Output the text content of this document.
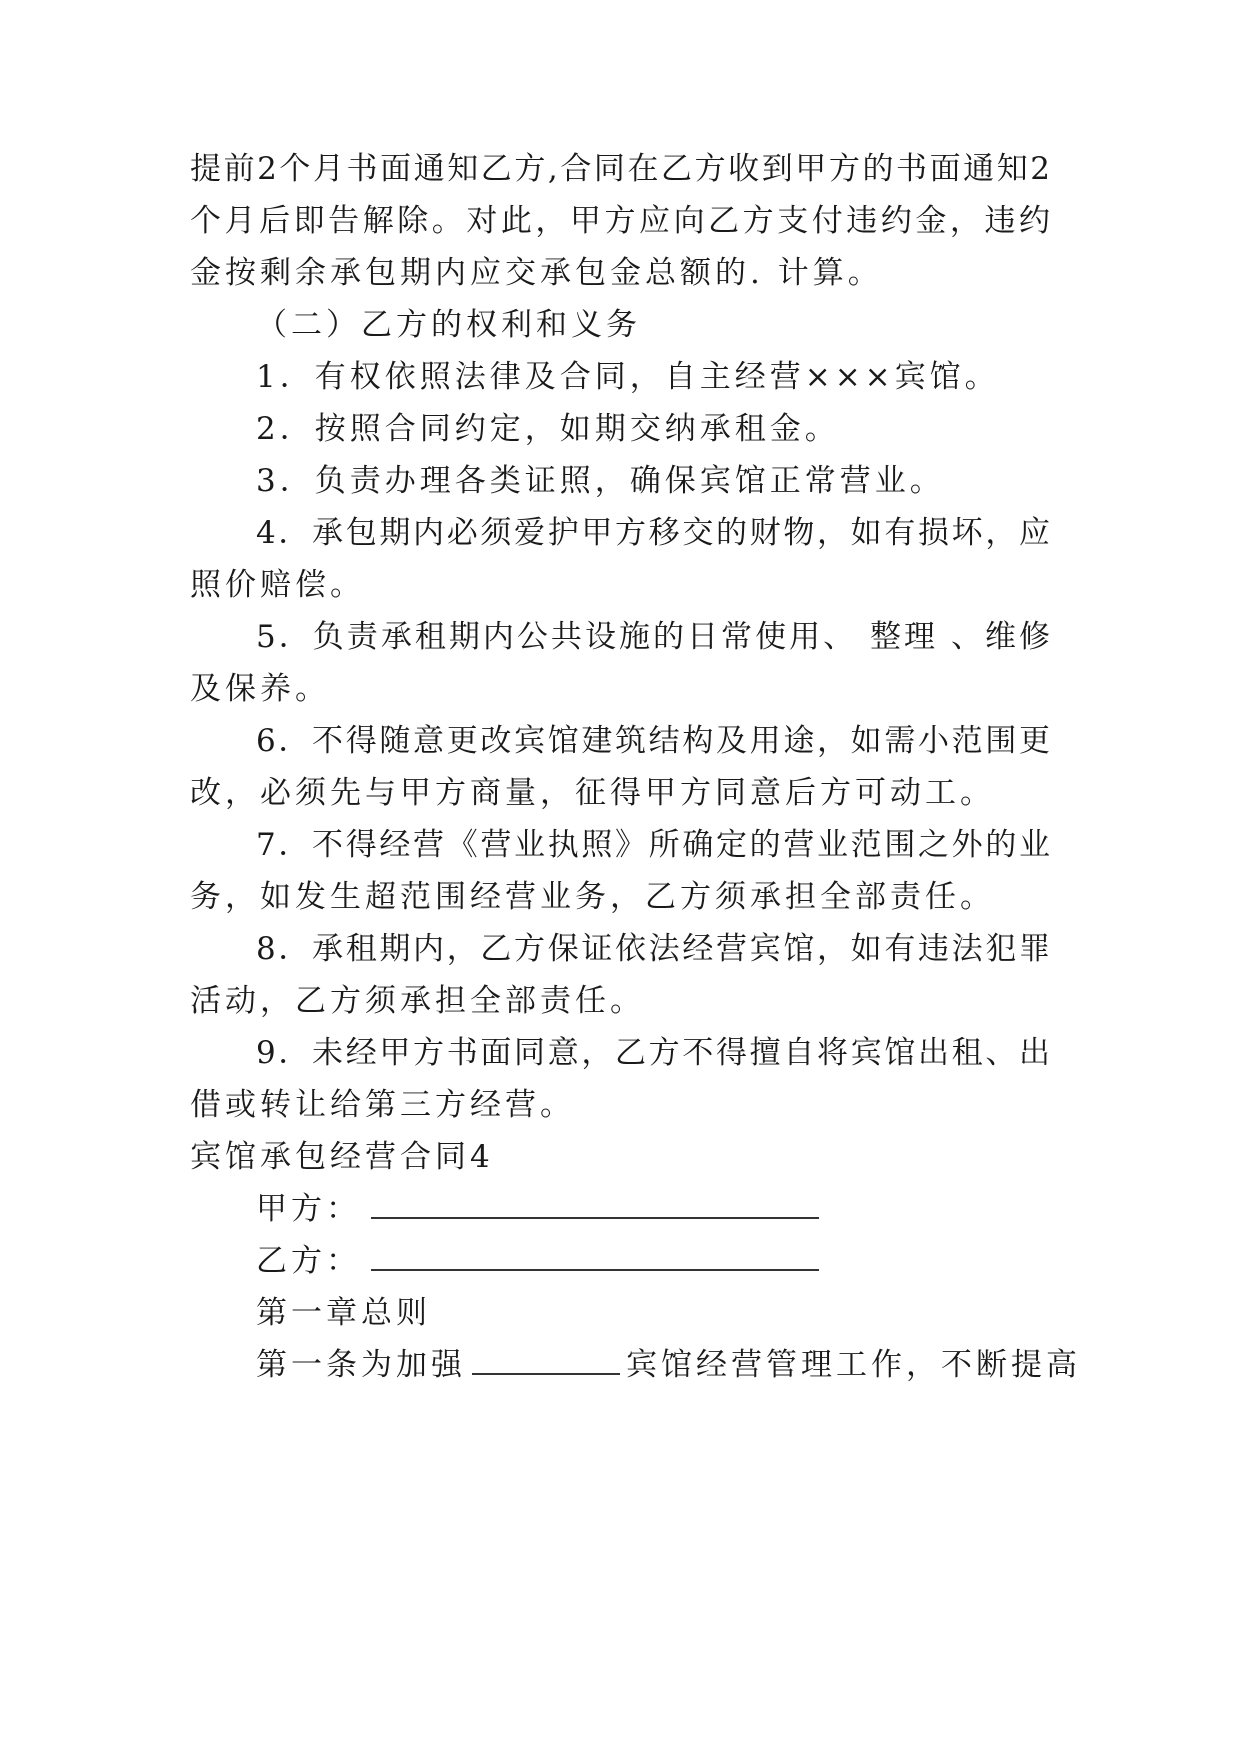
提前2个月书面通知乙方,合同在乙方收到甲方的书面通知2
个月后即告解除。对此，甲方应向乙方支付违约金，违约
金按剩余承包期内应交承包金总额的. 计算。
（二）乙方的权利和义务
1．有权依照法律及合同，自主经营×××宾馆。
2．按照合同约定，如期交纳承租金。
3．负责办理各类证照，确保宾馆正常营业。
4．承包期内必须爱护甲方移交的财物，如有损坏，应
照价赔偿。
5．负责承租期内公共设施的日常使用、 整理 、维修
及保养。
6．不得随意更改宾馆建筑结构及用途，如需小范围更
改，必须先与甲方商量，征得甲方同意后方可动工。
7．不得经营《营业执照》所确定的营业范围之外的业
务，如发生超范围经营业务，乙方须承担全部责任。
8．承租期内，乙方保证依法经营宾馆，如有违法犯罪
活动，乙方须承担全部责任。
9．未经甲方书面同意，乙方不得擅自将宾馆出租、出
借或转让给第三方经营。
宾馆承包经营合同4
甲方：
乙方：
第一章总则
第一条为加强	宾馆经营管理工作，不断提高
